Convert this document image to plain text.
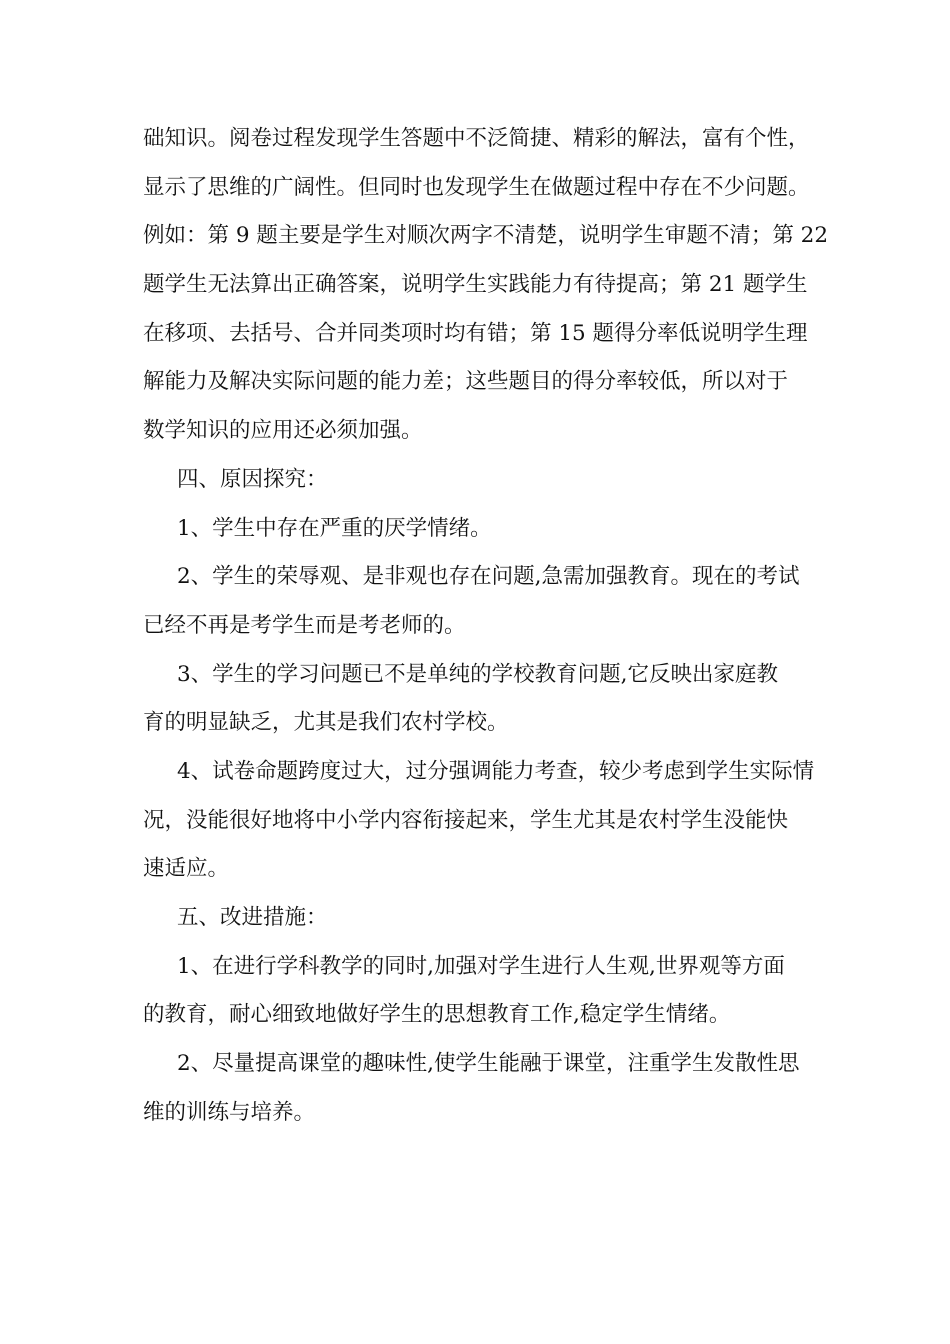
础知识。阅卷过程发现学生答题中不泛简捷、精彩的解法，富有个性，
显示了思维的广阔性。但同时也发现学生在做题过程中存在不少问题。
例如：第 9 题主要是学生对顺次两字不清楚，说明学生审题不清；第 22
题学生无法算出正确答案，说明学生实践能力有待提高；第 21 题学生
在移项、去括号、合并同类项时均有错；第 15 题得分率低说明学生理
解能力及解决实际问题的能力差；这些题目的得分率较低，所以对于
数学知识的应用还必须加强。
四、原因探究：
1、学生中存在严重的厌学情绪。
2、学生的荣辱观、是非观也存在问题,急需加强教育。现在的考试
已经不再是考学生而是考老师的。
3、学生的学习问题已不是单纯的学校教育问题,它反映出家庭教
育的明显缺乏，尤其是我们农村学校。
4、试卷命题跨度过大，过分强调能力考查，较少考虑到学生实际情
况，没能很好地将中小学内容衔接起来，学生尤其是农村学生没能快
速适应。
五、改进措施：
1、在进行学科教学的同时,加强对学生进行人生观,世界观等方面
的教育，耐心细致地做好学生的思想教育工作,稳定学生情绪。
2、尽量提高课堂的趣味性,使学生能融于课堂，注重学生发散性思
维的训练与培养。
